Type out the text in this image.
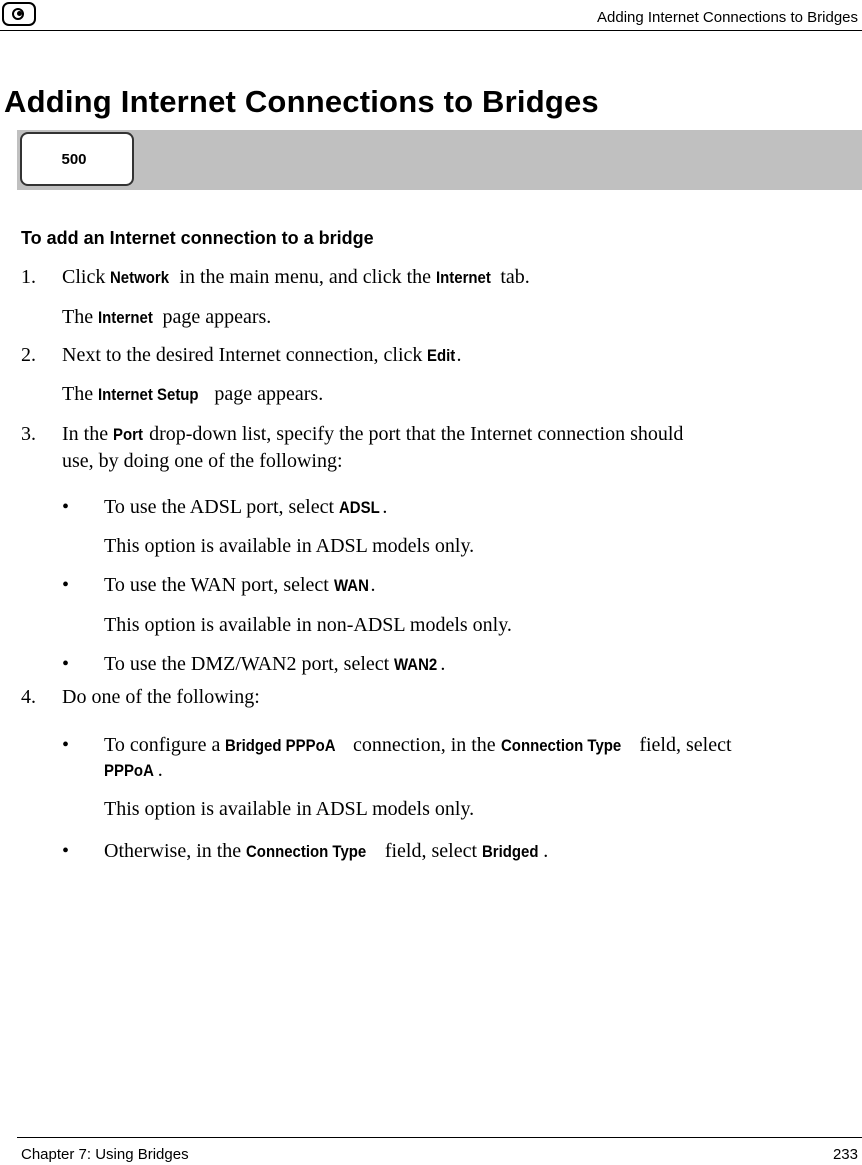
Adding Internet Connections to Bridges
Adding Internet Connections to Bridges
500
To add an Internet connection to a bridge
1. Click Network in the main menu, and click the Internet tab.
The Internet page appears.
2. Next to the desired Internet connection, click Edit.
The Internet Setup page appears.
3. In the Port drop-down list, specify the port that the Internet connection should
use, by doing one of the following:
• To use the ADSL port, select ADSL .
This option is available in ADSL models only.
• To use the WAN port, select WAN.
This option is available in non-ADSL models only.
• To use the DMZ/WAN2 port, select WAN2 .
4. Do one of the following:
• To configure a Bridged PPPoA connection, in the Connection Type field, select
PPPoA .
This option is available in ADSL models only.
• Otherwise, in the Connection Type field, select Bridged .
Chapter 7: Using Bridges	233
